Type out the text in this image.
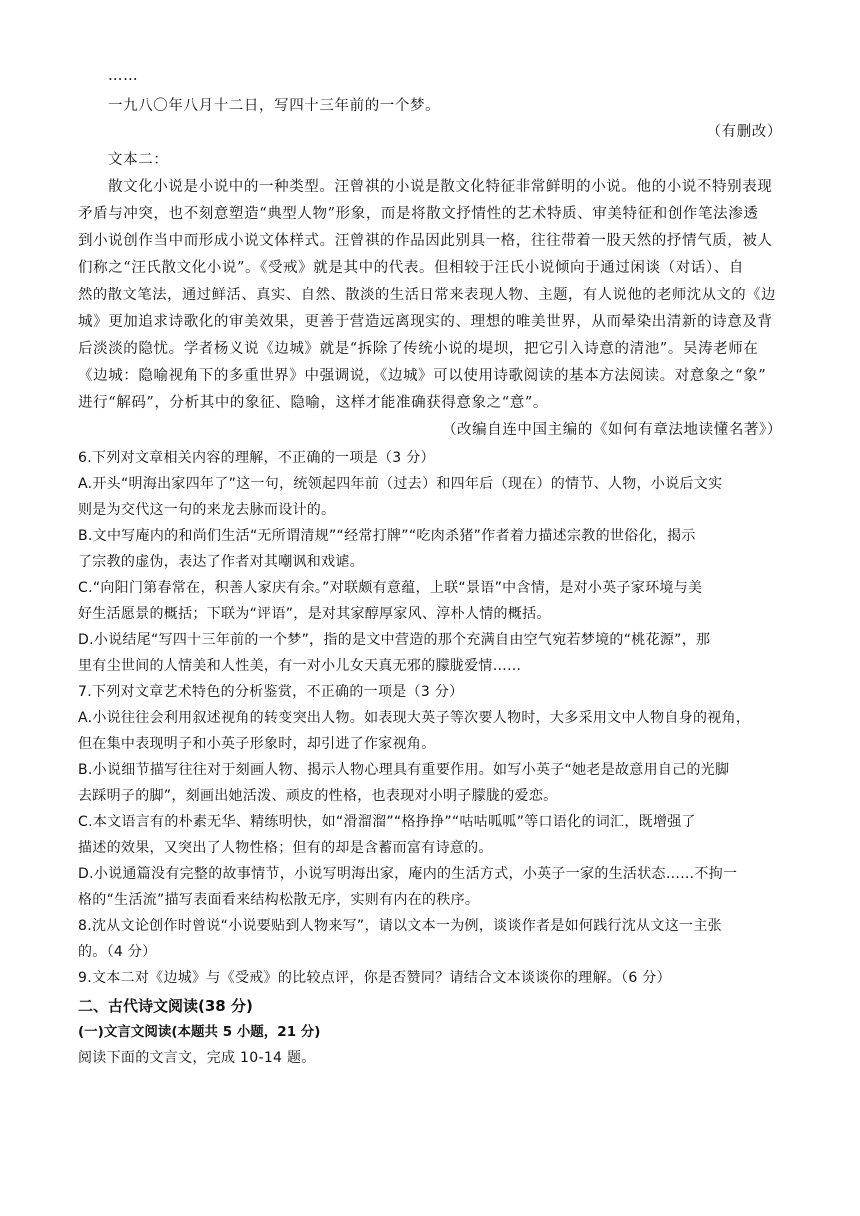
……
一九八〇年八月十二日，写四十三年前的一个梦。
（有删改）
文本二：
散文化小说是小说中的一种类型。汪曾祺的小说是散文化特征非常鲜明的小说。他的小说不特别表现
矛盾与冲突，也不刻意塑造“典型人物”形象，而是将散文抒情性的艺术特质、审美特征和创作笔法渗透
到小说创作当中而形成小说文体样式。汪曾祺的作品因此别具一格，往往带着一股天然的抒情气质，被人
们称之“汪氏散文化小说”。《受戒》就是其中的代表。但相较于汪氏小说倾向于通过闲谈（对话）、自
然的散文笔法，通过鲜活、真实、自然、散淡的生活日常来表现人物、主题，有人说他的老师沈从文的《边
城》更加追求诗歌化的审美效果，更善于营造远离现实的、理想的唯美世界，从而晕染出清新的诗意及背
后淡淡的隐忧。学者杨义说《边城》就是“拆除了传统小说的堤坝，把它引入诗意的清池”。吴涛老师在
《边城：隐喻视角下的多重世界》中强调说，《边城》可以使用诗歌阅读的基本方法阅读。对意象之“象”
进行“解码”，分析其中的象征、隐喻，这样才能准确获得意象之“意”。
（改编自连中国主编的《如何有章法地读懂名著》）
6.下列对文章相关内容的理解，不正确的一项是（3 分）
A.开头“明海出家四年了”这一句，统领起四年前（过去）和四年后（现在）的情节、人物，小说后文实
则是为交代这一句的来龙去脉而设计的。
B.文中写庵内的和尚们生活“无所谓清规”“经常打牌”“吃肉杀猪”作者着力描述宗教的世俗化，揭示
了宗教的虚伪，表达了作者对其嘲讽和戏谑。
C.“向阳门第春常在，积善人家庆有余。”对联颇有意蕴，上联“景语”中含情，是对小英子家环境与美
好生活愿景的概括；下联为“评语”，是对其家醇厚家风、淳朴人情的概括。
D.小说结尾“写四十三年前的一个梦”，指的是文中营造的那个充满自由空气宛若梦境的“桃花源”，那
里有尘世间的人情美和人性美，有一对小儿女天真无邪的朦胧爱情……
7.下列对文章艺术特色的分析鉴赏，不正确的一项是（3 分）
A.小说往往会利用叙述视角的转变突出人物。如表现大英子等次要人物时，大多采用文中人物自身的视角，
但在集中表现明子和小英子形象时，却引进了作家视角。
B.小说细节描写往往对于刻画人物、揭示人物心理具有重要作用。如写小英子“她老是故意用自己的光脚
去踩明子的脚”，刻画出她活泼、顽皮的性格，也表现对小明子朦胧的爱恋。
C.本文语言有的朴素无华、精练明快，如“滑溜溜”“格挣挣”“咕咕呱呱”等口语化的词汇，既增强了
描述的效果，又突出了人物性格；但有的却是含蓄而富有诗意的。
D.小说通篇没有完整的故事情节，小说写明海出家，庵内的生活方式，小英子一家的生活状态……不拘一
格的“生活流”描写表面看来结构松散无序，实则有内在的秩序。
8.沈从文论创作时曾说“小说要贴到人物来写”，请以文本一为例，谈谈作者是如何践行沈从文这一主张
的。（4 分）
9.文本二对《边城》与《受戒》的比较点评，你是否赞同？请结合文本谈谈你的理解。（6 分）
二、古代诗文阅读(38 分)
(一)文言文阅读(本题共 5 小题，21 分)
阅读下面的文言文，完成 10-14 题。
